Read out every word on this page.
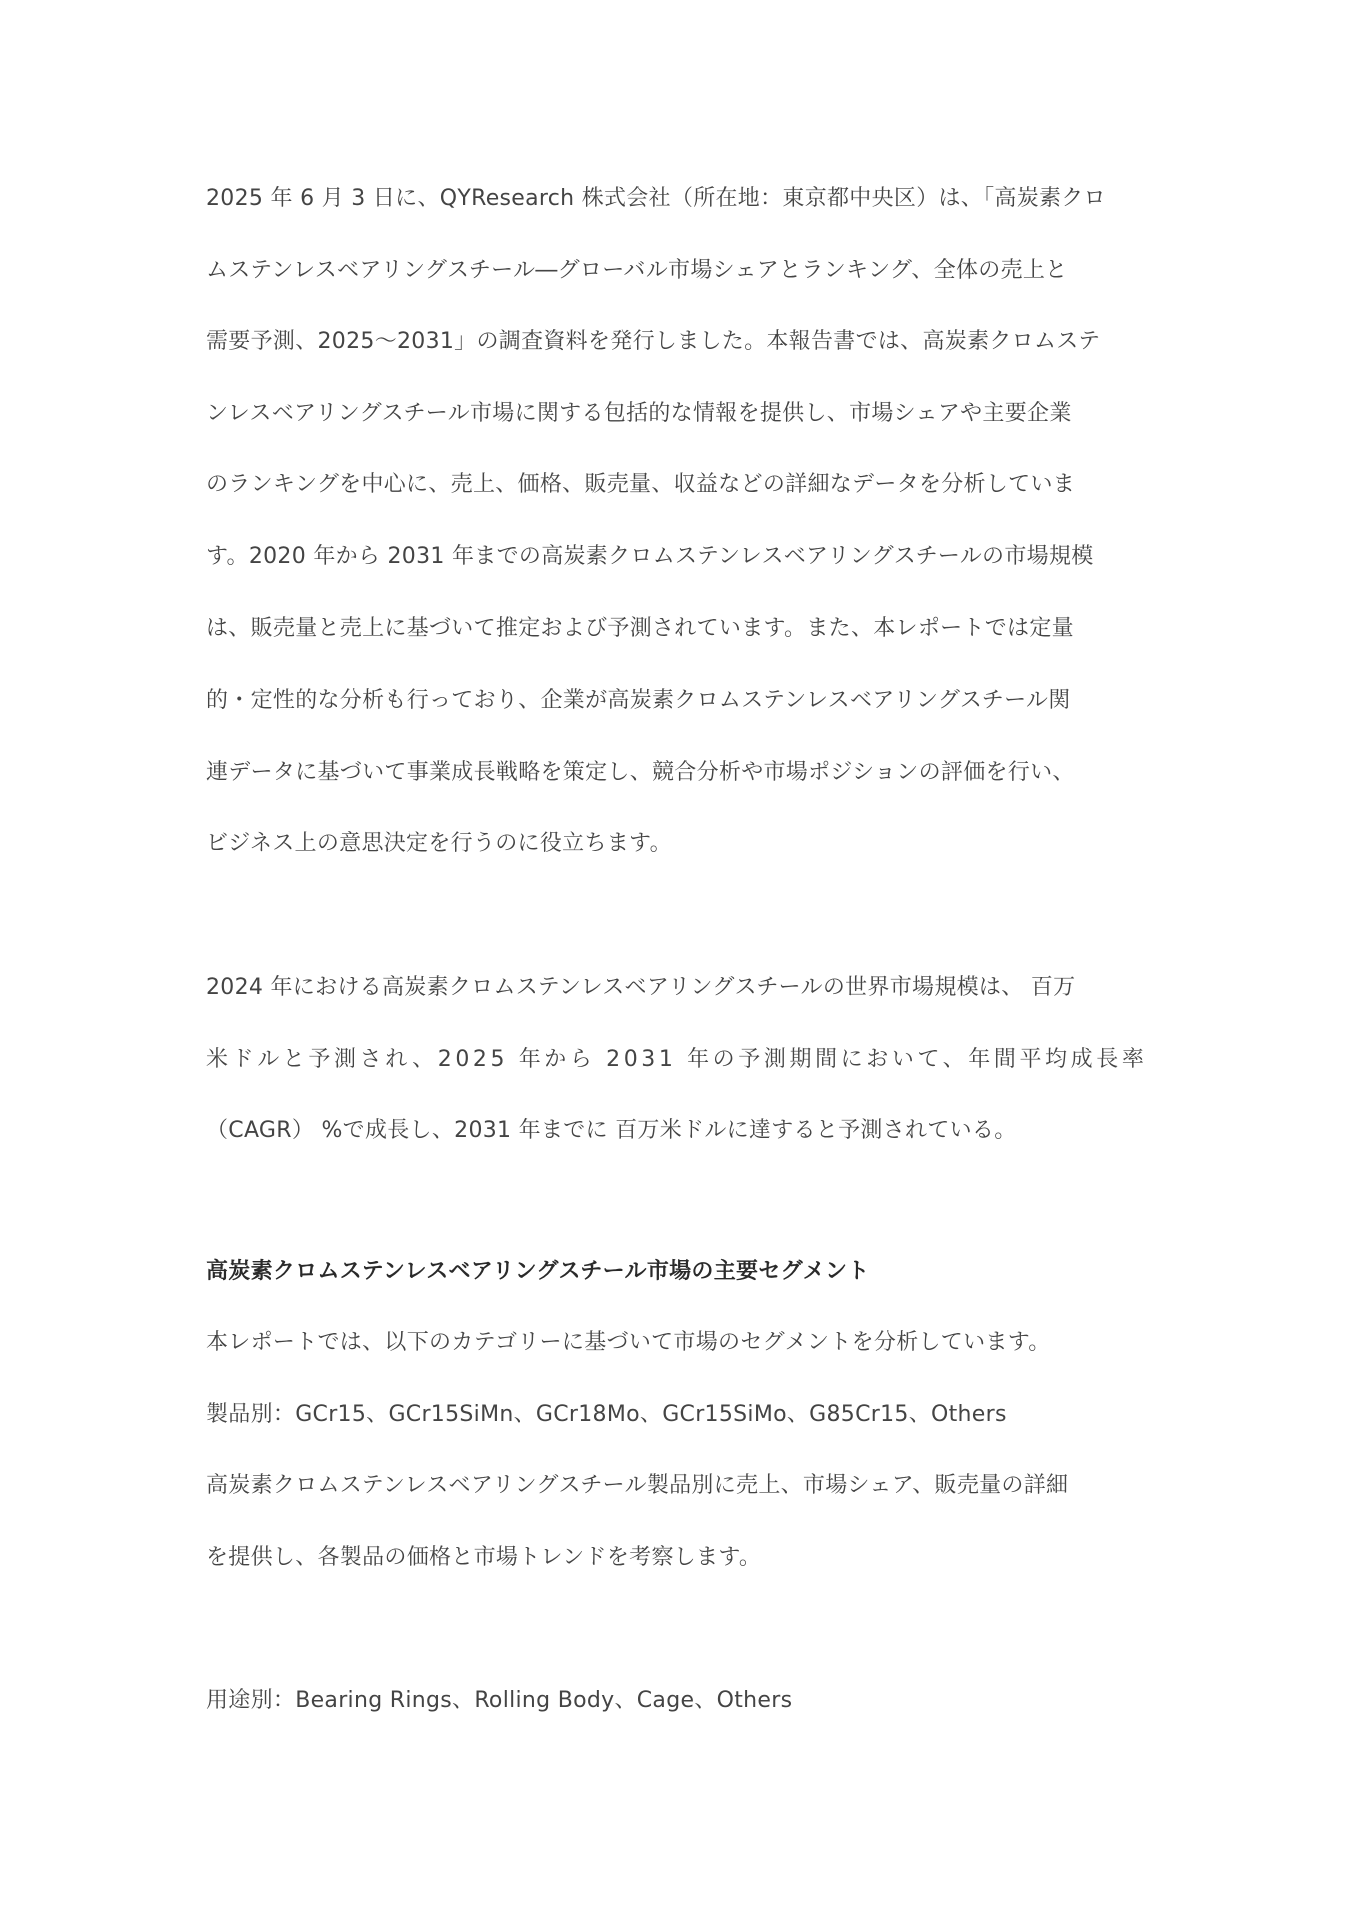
2025 年 6 月 3 日に、QYResearch 株式会社（所在地：東京都中央区）は、「高炭素クロ
ムステンレスベアリングスチール―グローバル市場シェアとランキング、全体の売上と
需要予測、2025～2031」の調査資料を発行しました。本報告書では、高炭素クロムステ
ンレスベアリングスチール市場に関する包括的な情報を提供し、市場シェアや主要企業
のランキングを中心に、売上、価格、販売量、収益などの詳細なデータを分析していま
す。2020 年から 2031 年までの高炭素クロムステンレスベアリングスチールの市場規模
は、販売量と売上に基づいて推定および予測されています。また、本レポートでは定量
的・定性的な分析も行っており、企業が高炭素クロムステンレスベアリングスチール関
連データに基づいて事業成長戦略を策定し、競合分析や市場ポジションの評価を行い、
ビジネス上の意思決定を行うのに役立ちます。
2024 年における高炭素クロムステンレスベアリングスチールの世界市場規模は、 百万
米ドルと予測され、2025 年から 2031 年の予測期間において、年間平均成長率
（CAGR） %で成長し、2031 年までに 百万米ドルに達すると予測されている。
高炭素クロムステンレスベアリングスチール市場の主要セグメント
本レポートでは、以下のカテゴリーに基づいて市場のセグメントを分析しています。
製品別：GCr15、GCr15SiMn、GCr18Mo、GCr15SiMo、G85Cr15、Others
高炭素クロムステンレスベアリングスチール製品別に売上、市場シェア、販売量の詳細
を提供し、各製品の価格と市場トレンドを考察します。
用途別：Bearing Rings、Rolling Body、Cage、Others
